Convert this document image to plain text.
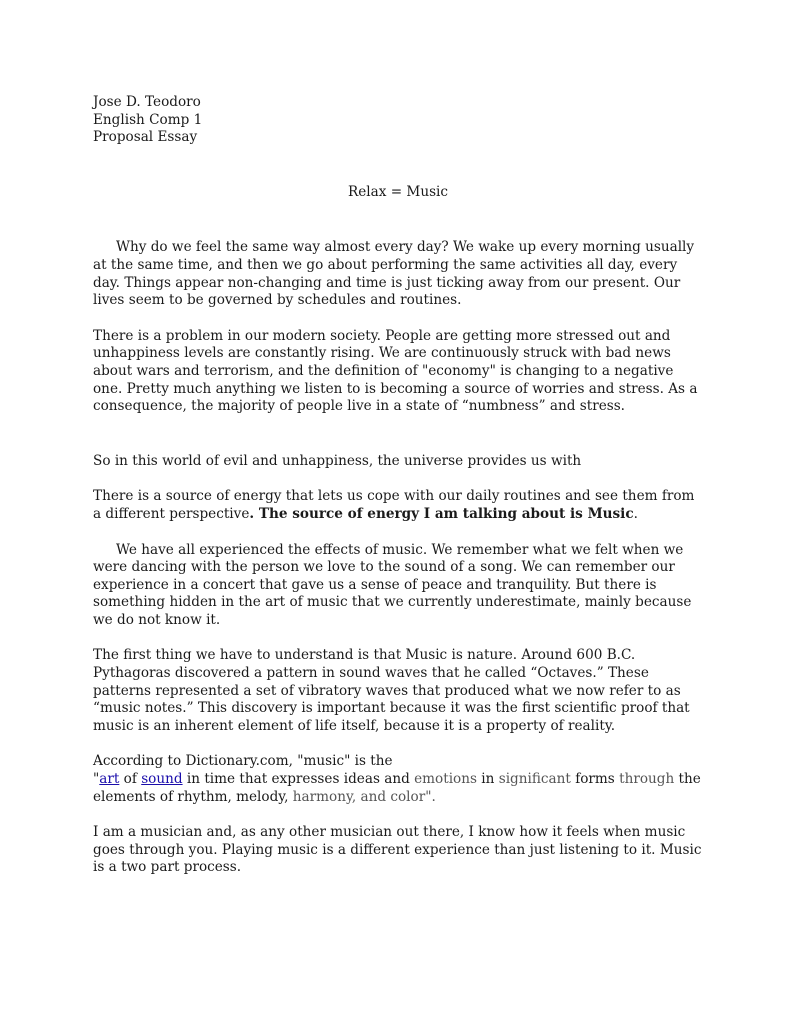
Jose D. Teodoro
English Comp 1
Proposal Essay
Relax = Music

Why do we feel the same way almost every day? We wake up every morning usually at the same time, and then we go about performing the same activities all day, every day. Things appear non-changing and time is just ticking away from our present. Our lives seem to be governed by schedules and routines.

There is a problem in our modern society. People are getting more stressed out and unhappiness levels are constantly rising. We are continuously struck with bad news about wars and terrorism, and the definition of "economy" is changing to a negative one. Pretty much anything we listen to is becoming a source of worries and stress. As a consequence, the majority of people live in a state of “numbness” and stress.

So in this world of evil and unhappiness, the universe provides us with

There is a source of energy that lets us cope with our daily routines and see them from a different perspective. The source of energy I am talking about is Music.

We have all experienced the effects of music. We remember what we felt when we were dancing with the person we love to the sound of a song. We can remember our experience in a concert that gave us a sense of peace and tranquility. But there is something hidden in the art of music that we currently underestimate, mainly because we do not know it.

The first thing we have to understand is that Music is nature. Around 600 B.C. Pythagoras discovered a pattern in sound waves that he called “Octaves.” These patterns represented a set of vibratory waves that produced what we now refer to as “music notes.” This discovery is important because it was the first scientific proof that music is an inherent element of life itself, because it is a property of reality.

According to Dictionary.com, "music" is the
"art of sound in time that expresses ideas and emotions in significant forms through the elements of rhythm, melody, harmony, and color".

I am a musician and, as any other musician out there, I know how it feels when music goes through you. Playing music is a different experience than just listening to it. Music is a two part process.
